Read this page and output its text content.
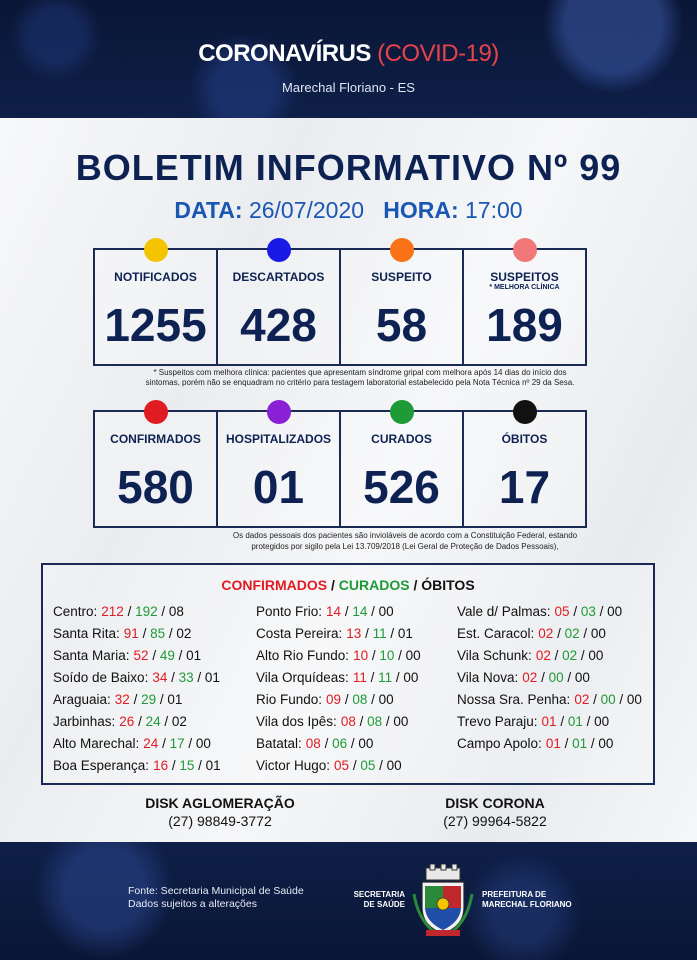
CORONAVÍRUS (COVID-19)
Marechal Floriano - ES
BOLETIM INFORMATIVO Nº 99
DATA: 26/07/2020 HORA: 17:00
NOTIFICADOS
1255
DESCARTADOS
428
SUSPEITO
58
SUSPEITOS
* MELHORA CLÍNICA
189
* Suspeitos com melhora clínica: pacientes que apresentam síndrome gripal com melhora após 14 dias do início dos sintomas, porém não se enquadram no critério para testagem laboratorial estabelecido pela Nota Técnica nº 29 da Sesa.
CONFIRMADOS
580
HOSPITALIZADOS
01
CURADOS
526
ÓBITOS
17
Os dados pessoais dos pacientes são invioláveis de acordo com a Constituição Federal, estando protegidos por sigilo pela Lei 13.709/2018 (Lei Geral de Proteção de Dados Pessoais),
CONFIRMADOS / CURADOS / ÓBITOS
Centro: 212 / 192 / 08
Santa Rita: 91 / 85 / 02
Santa Maria: 52 / 49 / 01
Soído de Baixo: 34 / 33 / 01
Araguaia: 32 / 29 / 01
Jarbinhas: 26 / 24 / 02
Alto Marechal: 24 / 17 / 00
Boa Esperança: 16 / 15 / 01
Ponto Frio: 14 / 14 / 00
Costa Pereira: 13 / 11 / 01
Alto Rio Fundo: 10 / 10 / 00
Vila Orquídeas: 11 / 11 / 00
Rio Fundo: 09 / 08 / 00
Vila dos Ipês: 08 / 08 / 00
Batatal: 08 / 06 / 00
Victor Hugo: 05 / 05 / 00
Vale d/ Palmas: 05 / 03 / 00
Est. Caracol: 02 / 02 / 00
Vila Schunk: 02 / 02 / 00
Vila Nova: 02 / 00 / 00
Nossa Sra. Penha: 02 / 00 / 00
Trevo Paraju: 01 / 01 / 00
Campo Apolo: 01 / 01 / 00
DISK AGLOMERAÇÃO
(27) 98849-3772
DISK CORONA
(27) 99964-5822
Fonte: Secretaria Municipal de Saúde
Dados sujeitos a alterações
SECRETARIA
DE SAÚDE
PREFEITURA DE
MARECHAL FLORIANO
